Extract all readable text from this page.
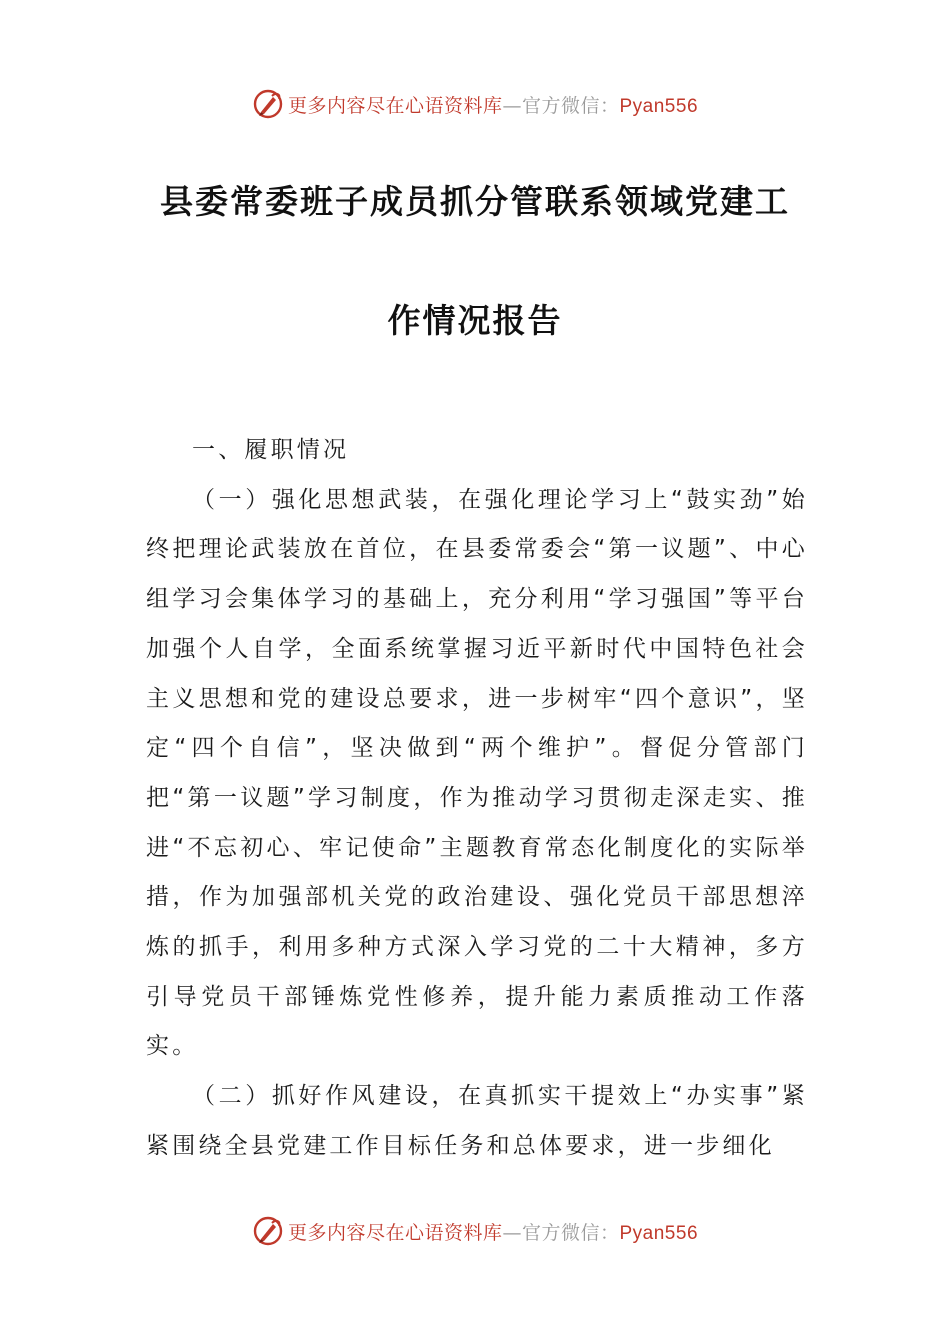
更多内容尽在心语资料库—官方微信：Pyan556
县委常委班子成员抓分管联系领域党建工
作情况报告

一、履职情况

（一）强化思想武装，在强化理论学习上“鼓实劲”始终把理论武装放在首位，在县委常委会“第一议题”、中心组学习会集体学习的基础上，充分利用“学习强国”等平台加强个人自学，全面系统掌握习近平新时代中国特色社会主义思想和党的建设总要求，进一步树牢“四个意识”，坚定“四个自信”，坚决做到“两个维护”。督促分管部门把“第一议题”学习制度，作为推动学习贯彻走深走实、推进“不忘初心、牢记使命”主题教育常态化制度化的实际举措，作为加强部机关党的政治建设、强化党员干部思想淬炼的抓手，利用多种方式深入学习党的二十大精神，多方引导党员干部锤炼党性修养，提升能力素质推动工作落实。

（二）抓好作风建设，在真抓实干提效上“办实事”紧紧围绕全县党建工作目标任务和总体要求，进一步细化

更多内容尽在心语资料库—官方微信：Pyan556
